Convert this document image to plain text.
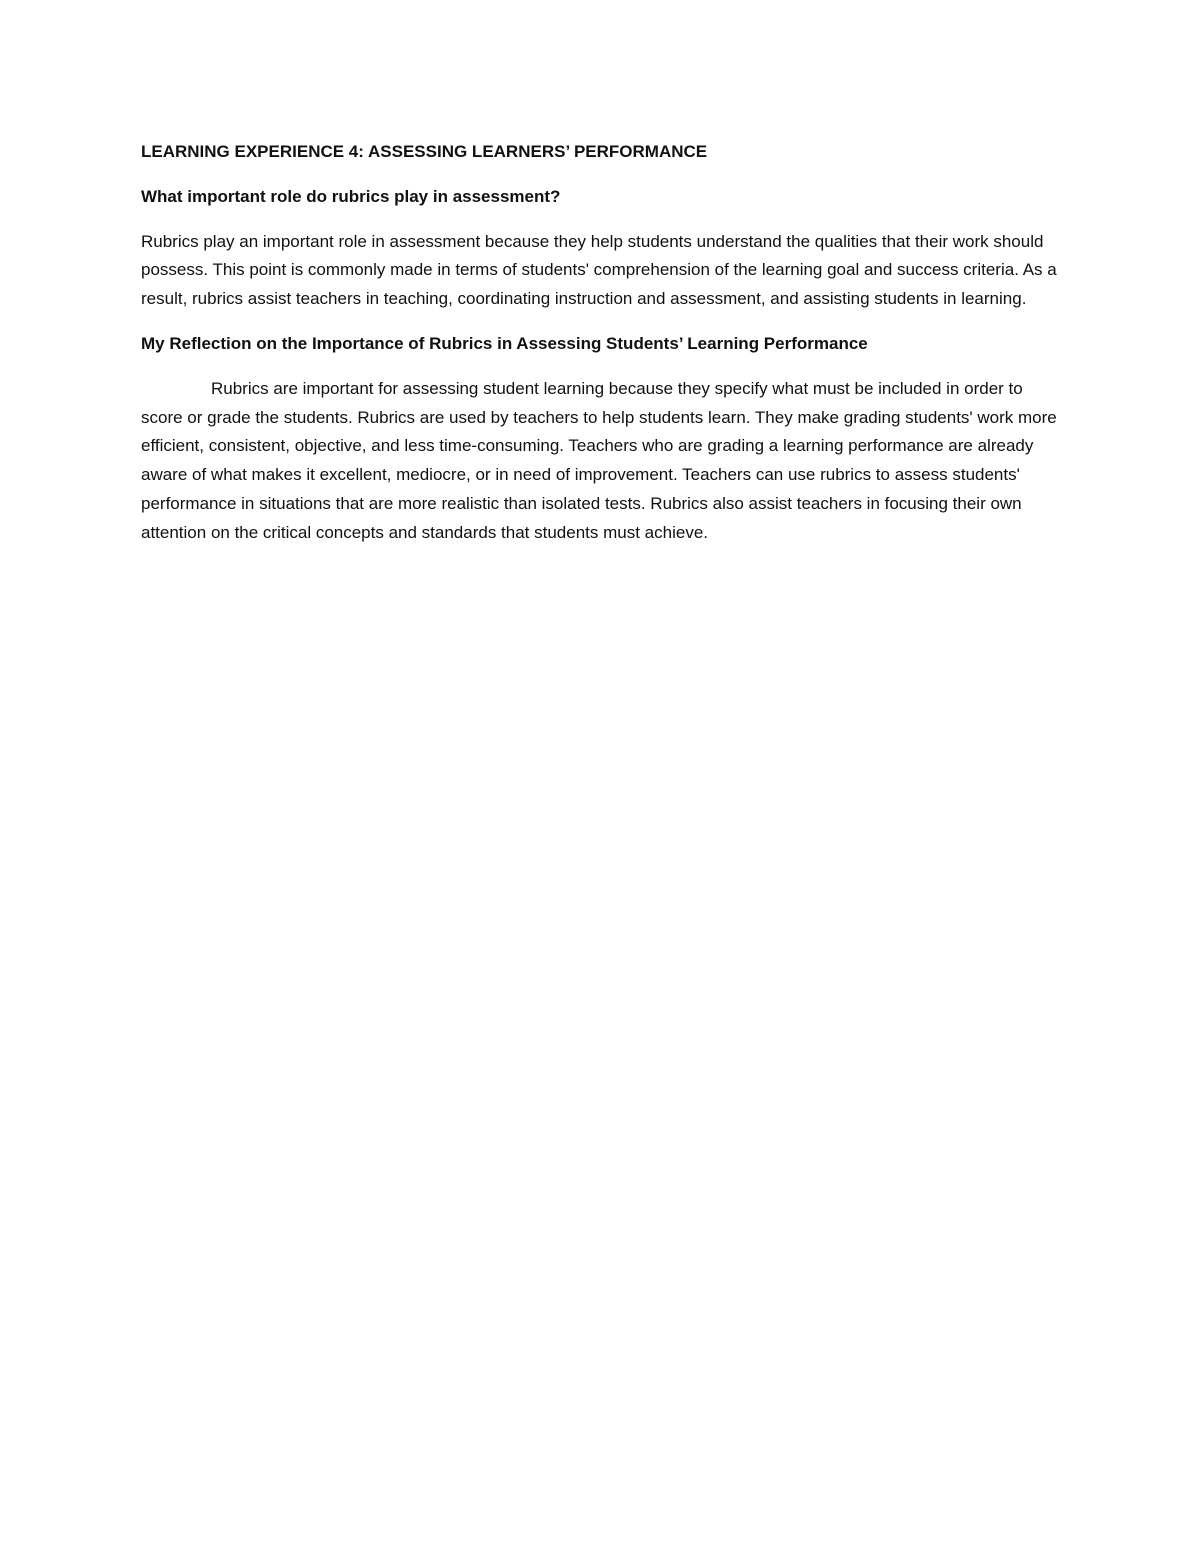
LEARNING EXPERIENCE 4: ASSESSING LEARNERS’ PERFORMANCE
What important role do rubrics play in assessment?

Rubrics play an important role in assessment because they help students understand the qualities that their work should possess. This point is commonly made in terms of students' comprehension of the learning goal and success criteria. As a result, rubrics assist teachers in teaching, coordinating instruction and assessment, and assisting students in learning.

My Reflection on the Importance of Rubrics in Assessing Students’ Learning Performance

Rubrics are important for assessing student learning because they specify what must be included in order to score or grade the students. Rubrics are used by teachers to help students learn. They make grading students' work more efficient, consistent, objective, and less time-consuming. Teachers who are grading a learning performance are already aware of what makes it excellent, mediocre, or in need of improvement. Teachers can use rubrics to assess students' performance in situations that are more realistic than isolated tests. Rubrics also assist teachers in focusing their own attention on the critical concepts and standards that students must achieve.
